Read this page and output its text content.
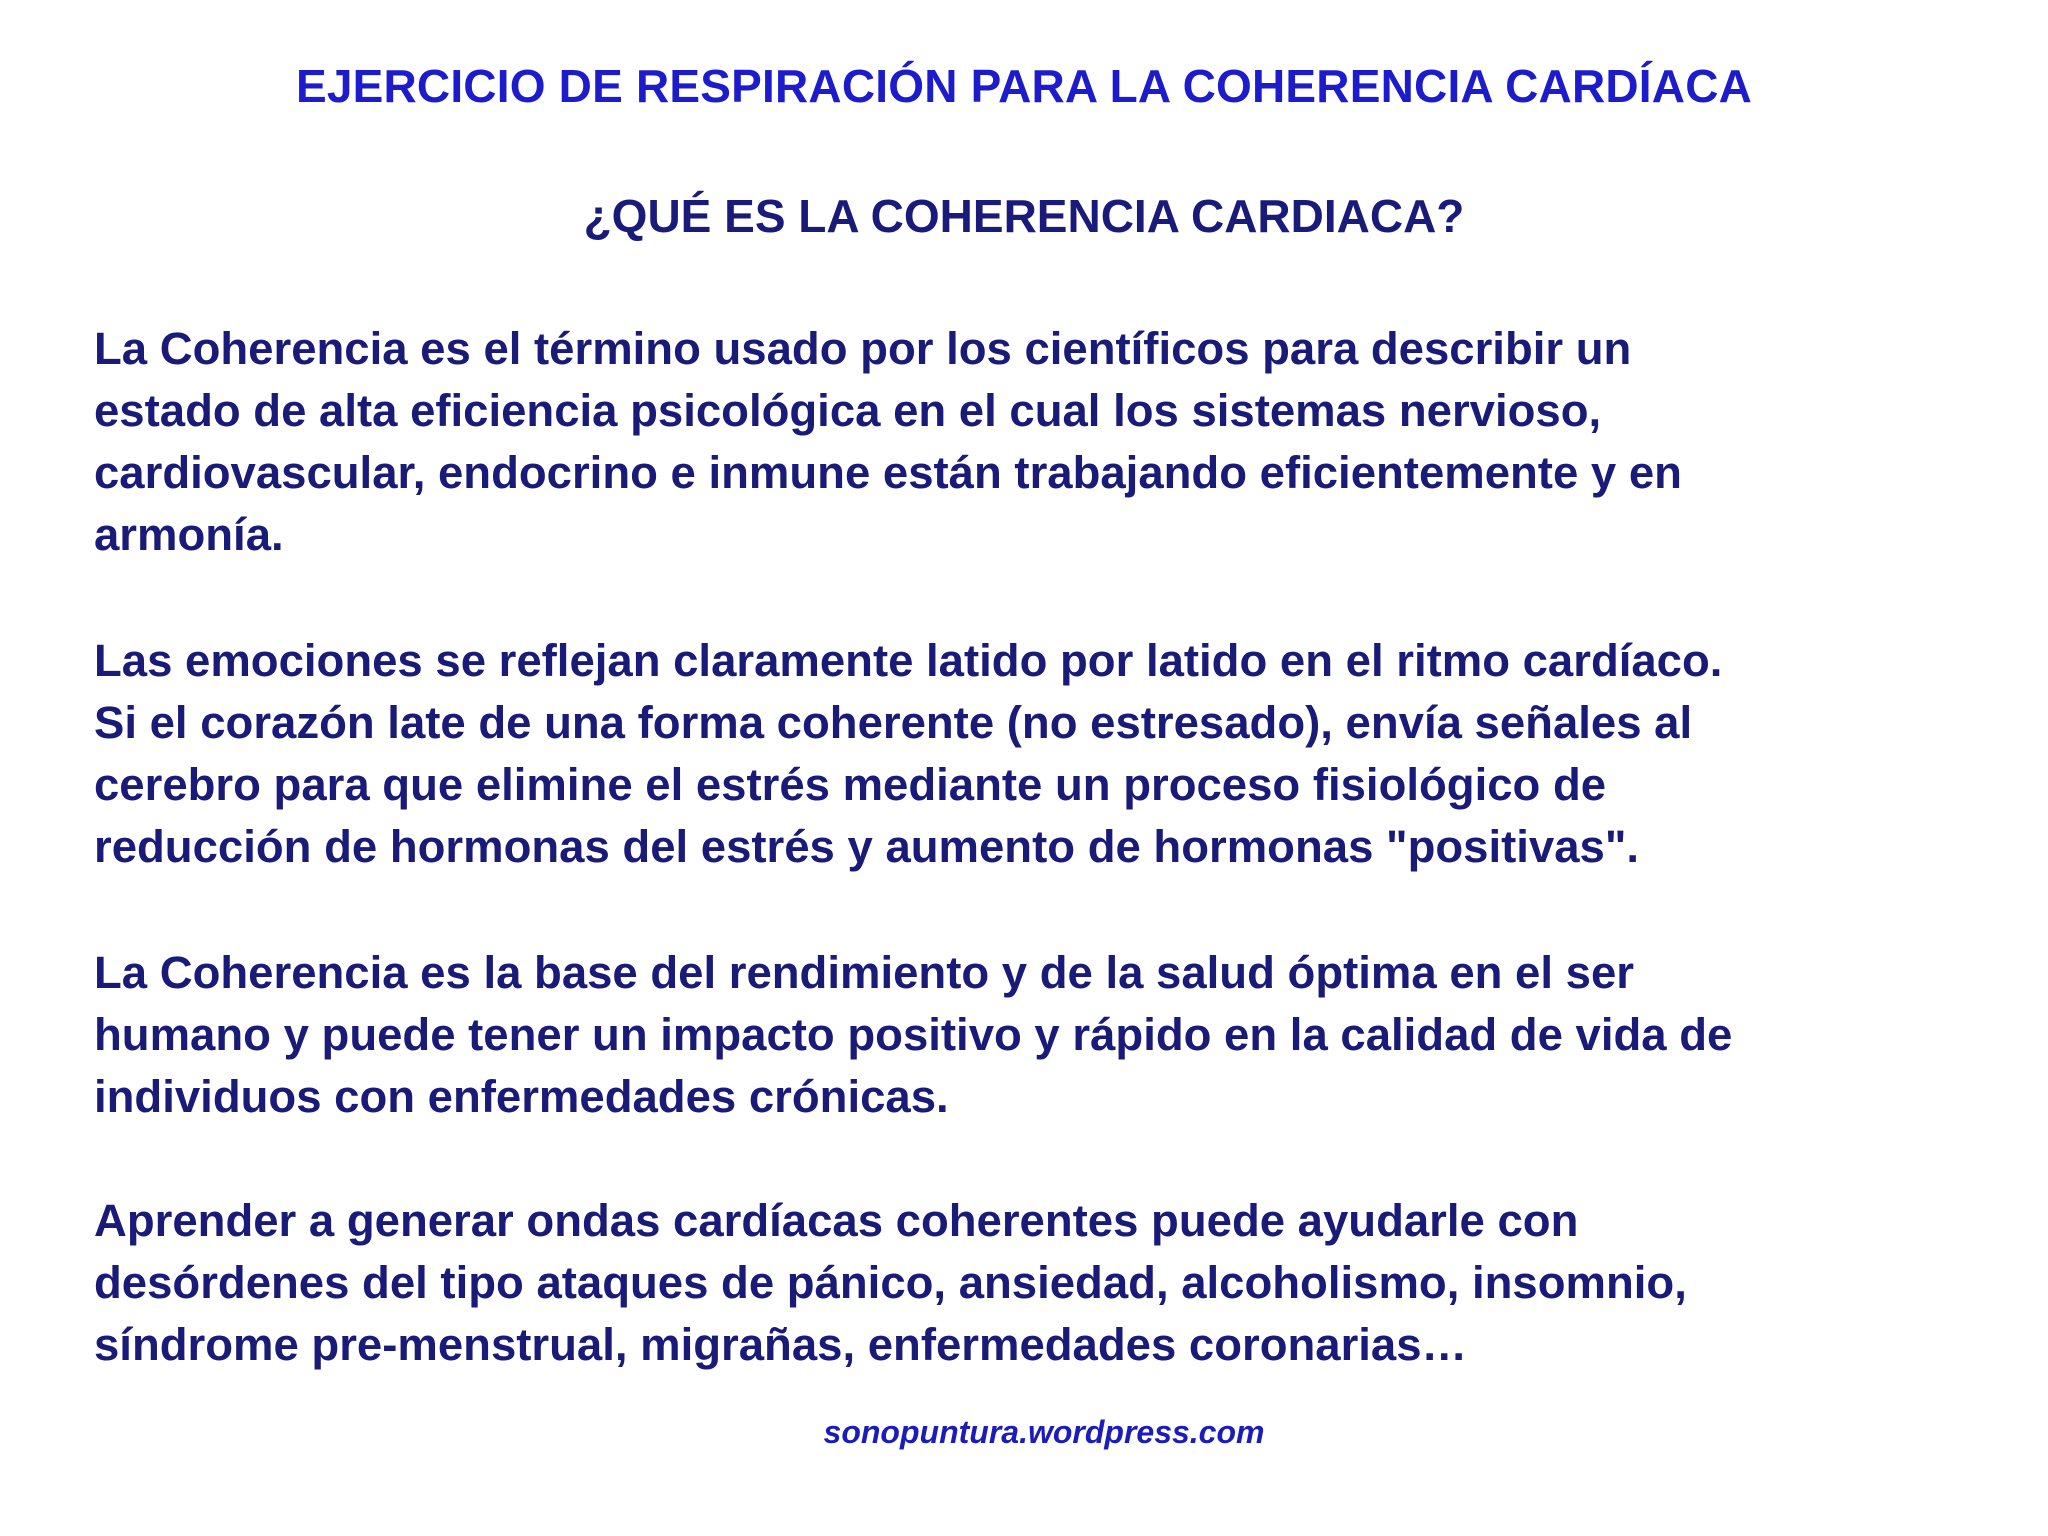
EJERCICIO DE RESPIRACIÓN PARA LA COHERENCIA CARDÍACA
¿QUÉ ES LA COHERENCIA CARDIACA?

La Coherencia es el término usado por los científicos para describir un
estado de alta eficiencia psicológica en el cual los sistemas nervioso,
cardiovascular, endocrino e inmune están trabajando eficientemente y en
armonía.

Las emociones se reflejan claramente latido por latido en el ritmo cardíaco.
Si el corazón late de una forma coherente (no estresado), envía señales al
cerebro para que elimine el estrés mediante un proceso fisiológico de
reducción de hormonas del estrés y aumento de hormonas "positivas".

La Coherencia es la base del rendimiento y de la salud óptima en el ser
humano y puede tener un impacto positivo y rápido en la calidad de vida de
individuos con enfermedades crónicas.

Aprender a generar ondas cardíacas coherentes puede ayudarle con
desórdenes del tipo ataques de pánico, ansiedad, alcoholismo, insomnio,
síndrome pre-menstrual, migrañas, enfermedades coronarias…

sonopuntura.wordpress.com
